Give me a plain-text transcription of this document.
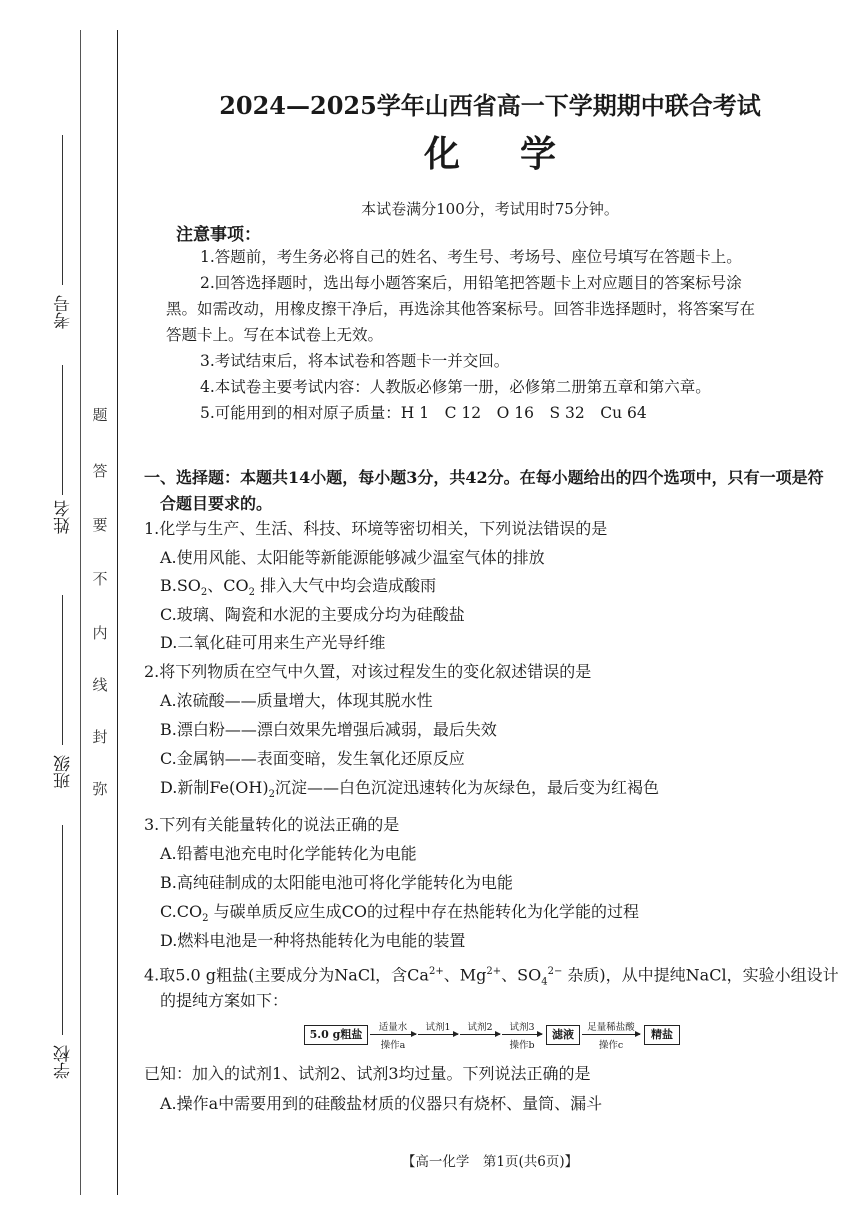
考号
姓名
班级
学校
弥
封
线
内
不
要
答
题
2024—2025学年山西省高一下学期期中联合考试
化学
本试卷满分100分，考试用时75分钟。
注意事项：
1.答题前，考生务必将自己的姓名、考生号、考场号、座位号填写在答题卡上。
2.回答选择题时，选出每小题答案后，用铅笔把答题卡上对应题目的答案标号涂
黑。如需改动，用橡皮擦干净后，再选涂其他答案标号。回答非选择题时，将答案写在
答题卡上。写在本试卷上无效。
3.考试结束后，将本试卷和答题卡一并交回。
4.本试卷主要考试内容：人教版必修第一册，必修第二册第五章和第六章。
5.可能用到的相对原子质量：H 1　C 12　O 16　S 32　Cu 64
一、选择题：本题共14小题，每小题3分，共42分。在每小题给出的四个选项中，只有一项是符
合题目要求的。
1.化学与生产、生活、科技、环境等密切相关，下列说法错误的是
A.使用风能、太阳能等新能源能够减少温室气体的排放
$B.SO_2$、$CO_2$ 排入大气中均会造成酸雨
C.玻璃、陶瓷和水泥的主要成分均为硅酸盐
D.二氧化硅可用来生产光导纤维
2.将下列物质在空气中久置，对该过程发生的变化叙述错误的是
A.浓硫酸——质量增大，体现其脱水性
B.漂白粉——漂白效果先增强后减弱，最后失效
C.金属钠——表面变暗，发生氧化还原反应
D.新制$Fe(OH)_2$沉淀——白色沉淀迅速转化为灰绿色，最后变为红褐色
3.下列有关能量转化的说法正确的是
A.铅蓄电池充电时化学能转化为电能
B.高纯硅制成的太阳能电池可将化学能转化为电能
$C.CO_2$ 与碳单质反应生成CO的过程中存在热能转化为化学能的过程
D.燃料电池是一种将热能转化为电能的装置
4.取5.0 g粗盐(主要成分为NaCl，含$Ca^{2+}$、$Mg^{2+}$、$SO_4^{2-}$ 杂质)，从中提纯NaCl，实验小组设计
的提纯方案如下：
5.0 g粗盐
适量水
操作a
试剂1	试剂2	试剂3
操作b
滤液
足量稀盐酸
操作c
精盐
已知：加入的试剂1、试剂2、试剂3均过量。下列说法正确的是
A.操作a中需要用到的硅酸盐材质的仪器只有烧杯、量筒、漏斗
【高一化学　第1页(共6页)】
